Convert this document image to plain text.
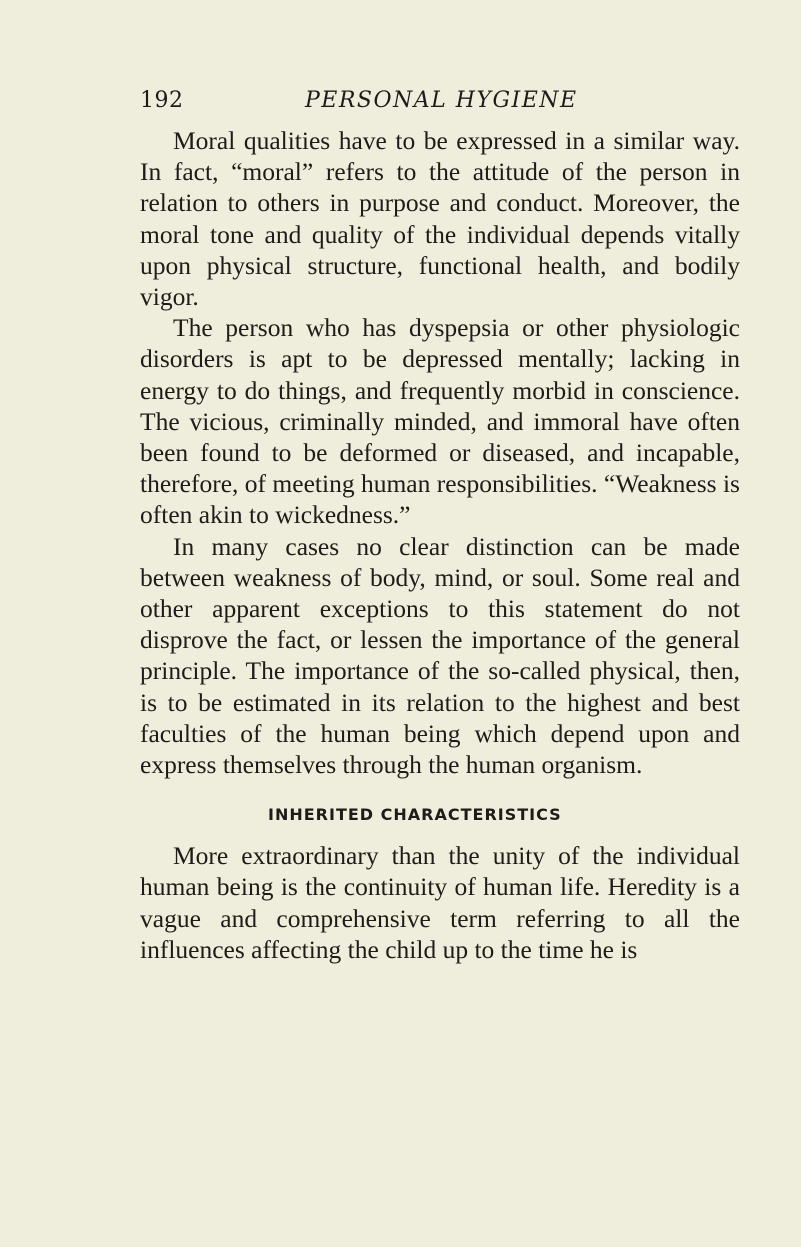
192	PERSONAL HYGIENE

Moral qualities have to be expressed in a similar way. In fact, “moral” refers to the attitude of the person in relation to others in purpose and conduct. Moreover, the moral tone and quality of the individual depends vitally upon physical structure, functional health, and bodily vigor.

The person who has dyspepsia or other physiologic disorders is apt to be depressed mentally; lacking in energy to do things, and frequently morbid in conscience. The vicious, criminally minded, and immoral have often been found to be deformed or diseased, and incapable, therefore, of meeting human responsibilities. “Weakness is often akin to wickedness.”

In many cases no clear distinction can be made between weakness of body, mind, or soul. Some real and other apparent exceptions to this statement do not disprove the fact, or lessen the importance of the general principle. The importance of the so-called physical, then, is to be estimated in its relation to the highest and best faculties of the human being which depend upon and express themselves through the human organism.

INHERITED CHARACTERISTICS

More extraordinary than the unity of the individual human being is the continuity of human life. Heredity is a vague and comprehensive term referring to all the influences affecting the child up to the time he is
